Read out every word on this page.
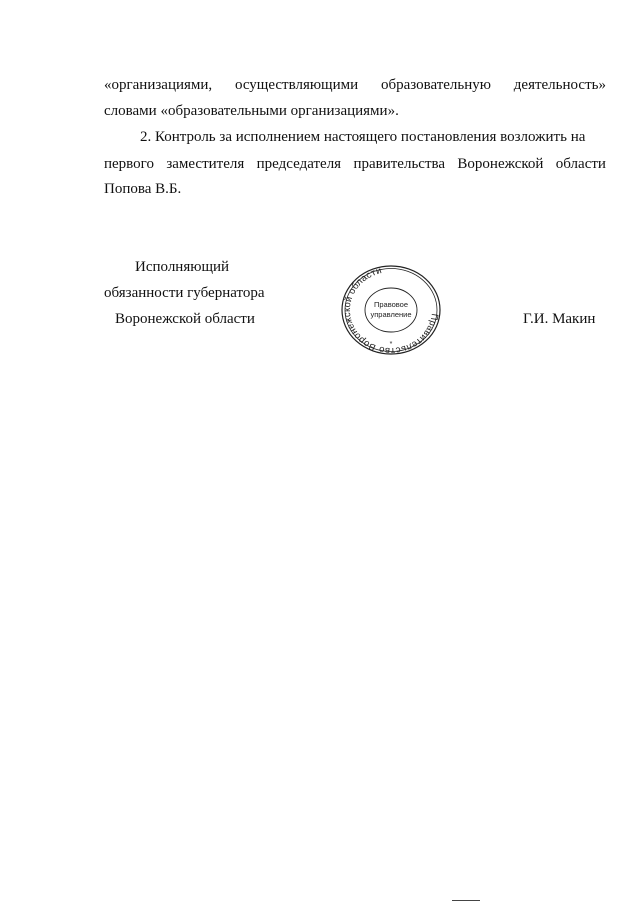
«организациями, осуществляющими образовательную деятельность»
словами «образовательными организациями».
2. Контроль за исполнением настоящего постановления возложить на
первого заместителя председателя правительства Воронежской области
Попова В.Б.
Исполняющий
обязанности губернатора
Воронежской области	Г.И. Макин
Правительство Воронежской области
Правовое
управление
*
